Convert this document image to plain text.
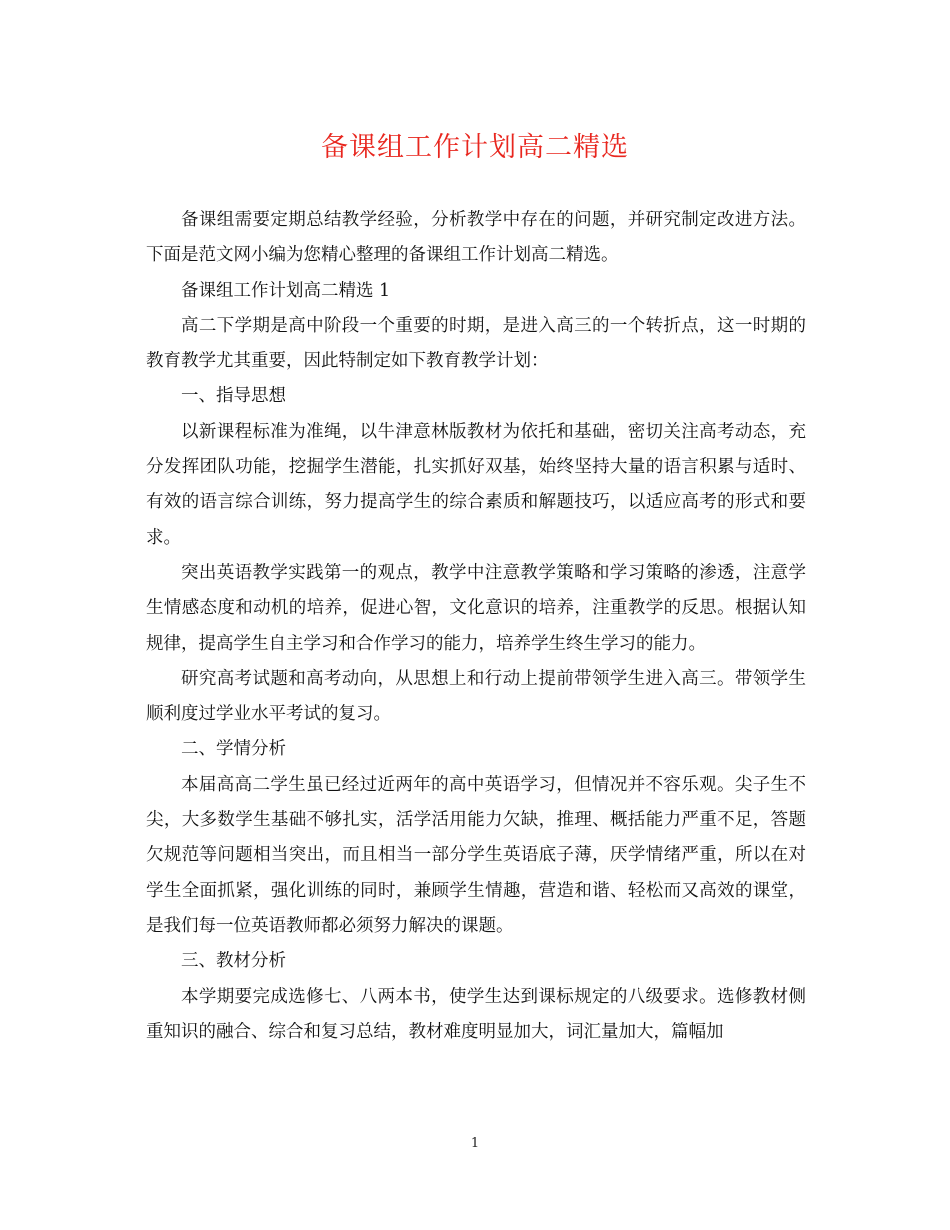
备课组工作计划高二精选

备课组需要定期总结教学经验，分析教学中存在的问题，并研究制定改进方法。下面是范文网小编为您精心整理的备课组工作计划高二精选。

备课组工作计划高二精选 1

高二下学期是高中阶段一个重要的时期，是进入高三的一个转折点，这一时期的教育教学尤其重要，因此特制定如下教育教学计划：

一、指导思想

以新课程标准为准绳，以牛津意林版教材为依托和基础，密切关注高考动态，充分发挥团队功能，挖掘学生潜能，扎实抓好双基，始终坚持大量的语言积累与适时、有效的语言综合训练，努力提高学生的综合素质和解题技巧，以适应高考的形式和要求。

突出英语教学实践第一的观点，教学中注意教学策略和学习策略的渗透，注意学生情感态度和动机的培养，促进心智，文化意识的培养，注重教学的反思。根据认知规律，提高学生自主学习和合作学习的能力，培养学生终生学习的能力。

研究高考试题和高考动向，从思想上和行动上提前带领学生进入高三。带领学生顺利度过学业水平考试的复习。

二、学情分析

本届高高二学生虽已经过近两年的高中英语学习，但情况并不容乐观。尖子生不尖，大多数学生基础不够扎实，活学活用能力欠缺，推理、概括能力严重不足，答题欠规范等问题相当突出，而且相当一部分学生英语底子薄，厌学情绪严重，所以在对学生全面抓紧，强化训练的同时，兼顾学生情趣，营造和谐、轻松而又高效的课堂，是我们每一位英语教师都必须努力解决的课题。

三、教材分析

本学期要完成选修七、八两本书，使学生达到课标规定的八级要求。选修教材侧重知识的融合、综合和复习总结，教材难度明显加大，词汇量加大，篇幅加

1
